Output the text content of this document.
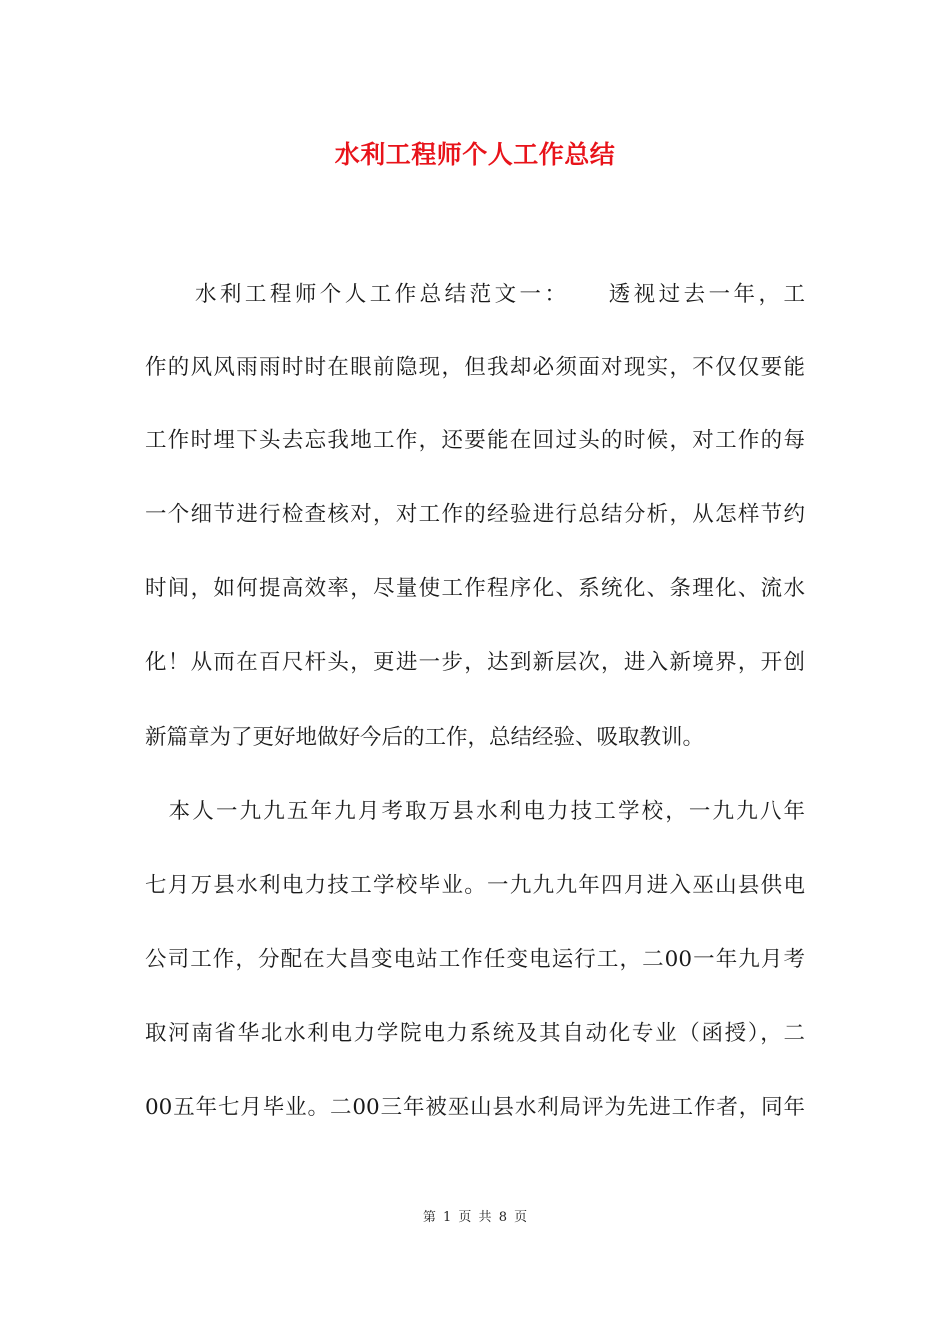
水利工程师个人工作总结
　　水利工程师个人工作总结范文一：　　透视过去一年，工
作的风风雨雨时时在眼前隐现，但我却必须面对现实，不仅仅要能
工作时埋下头去忘我地工作，还要能在回过头的时候，对工作的每
一个细节进行检查核对，对工作的经验进行总结分析，从怎样节约
时间，如何提高效率，尽量使工作程序化、系统化、条理化、流水
化！从而在百尺杆头，更进一步，达到新层次，进入新境界，开创
新篇章为了更好地做好今后的工作，总结经验、吸取教训。
　本人一九九五年九月考取万县水利电力技工学校，一九九八年
七月万县水利电力技工学校毕业。一九九九年四月进入巫山县供电
公司工作，分配在大昌变电站工作任变电运行工，二00一年九月考
取河南省华北水利电力学院电力系统及其自动化专业（函授），二
00五年七月毕业。二00三年被巫山县水利局评为先进工作者，同年
第 1 页 共 8 页
